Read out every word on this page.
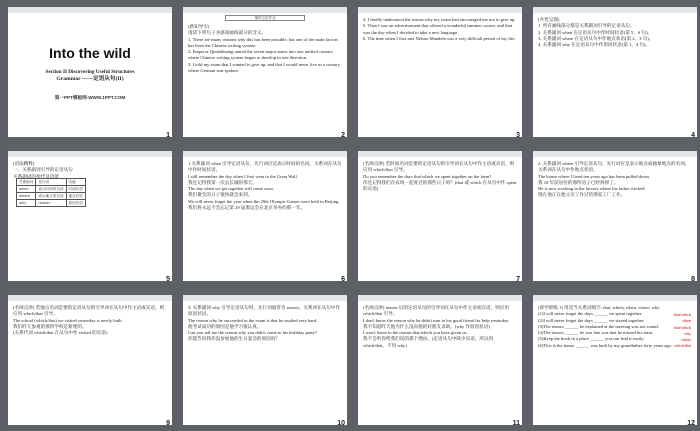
Into the wild
Section II Discovering Useful Structures
Grammar ——定语从句(II)
第一PPT模板网-WWW.1PPT.COM
1
课时分层作业
[新知导引]
请读下列句子并感知画线部分的含义。
1. There are many reasons why this has been possible, but one of the main factors has been the Chinese writing system.
2. Emperor Qinshihuang united the seven major states into one unified country where Chinese writing system began to develop in one direction.
3. I told my exam that I wanted to give up, and that I would never live in a country where German was spoken.
2
4. I finally understood the reason why my exam had encouraged me not to give up.
5. Then I saw an advertisement that offered a wonderful summer course, and that was the day when I decided to take a new language.
6. The time when I first met Nelson Mandela was a very difficult period of my life.
3
[共性呈现]
1. 所有画线部分都是关系副词引导的定语从句。
2. 关系副词 when 在定语从句中作时间状语(第 5、6 句)。
3. 关系副词 where 在定语从句中作地点状语(第 2、3 句)。
4. 关系副词 why 在定语从句中作原因状语(第 1、4 句)。
4
[语法精释]
一、关系副词引导的定语从句
关系副词的指代及功能
关系副词	先行词	功能
when	表示时间的名词	时间状语
where	表示地点的名词	地点状语
why	reason	原因状语
5
1.关系副词 when 引导定语从句，先行词应是表示时间的名词。关系词在从句中作时间状语。
I still remember the day when I first went to the Great Wall.
我还记得我第一次去长城的那天。
The day when we get together will come soon.
我们聚会的日子很快就会来到。
We will never forget the year when the 29th Olympic Games were held in Beijing.
我们将永远不会忘记第 29 届奥运会在北京举办的那一年。
6
[名师点津] 若时间名词是要的定语从句的引导词在从句中作主语或宾语，则应用 which/that 引导。
Do you remember the days that/which we spent together on the farm?
你还记得我们在农场一起度过的那些日子吗？(that 或 which 在从句中作 spent 的宾语)
7
2. 关系副词 where 引导定语从句，先行词应是表示地点或抽象地点的名词。关系词在从句中作地点状语。
The house where I lived ten years ago has been pulled down.
我 10 年前居住的那所房子已经拆掉了。
He is now working in the factory where his father worked.
现在他正在他父亲工作过的那家工厂工作。
8
[名师点津] 若地点名词是要的定语从句的引导词在从句中作主语或宾语，则应用 which/that 引导。
The school (which/that) we visited yesterday is newly built.
我们昨天参观的那所学校是新建的。
(关系代词 which/that 在从句中作 visited 的宾语)
9
3. 关系副词 why 引导定语从句时，先行词通常为 reason。关系词在从句中作原因状语。
The reason why he succeeded in the exam is that he studied very hard.
他考试成功的原因是他学习很认真。
Can you tell me the reason why you didn't come to his birthday party?
你能告诉我你没参加他的生日宴会的原因吗？
10
[名师点津] reason 后的定语从句的引导词在从句中作主语或宾语，则应用 which/that 引导。
I don't know the reason why he didn't turn to his good friend for help yesterday.
我不知道昨天他为什么没向他的好朋友求助。(why 作原因状语)
I won't listen to the reason that/which you have given us.
我不会听你给我们说的那个理由。(定语从句中缺少宾语，所以用 which/that，不用 why)
11
[即学即练 1] 用适当关系词填空: that, which, when, where, why
(1)I will never forget the days ______ we spent together.
(2)I will never forget the days ______ we stayed together.
(3)The reason ______ he explained at the meeting was not sound.
(4)The reason ______ he was late was that he missed his train.
(5)Keep the book in a place ______ you can find it easily.
(6)This is the house ______ was built by my grandfather forty years ago.
that/which
when
that/which
why
where
which/that
12
